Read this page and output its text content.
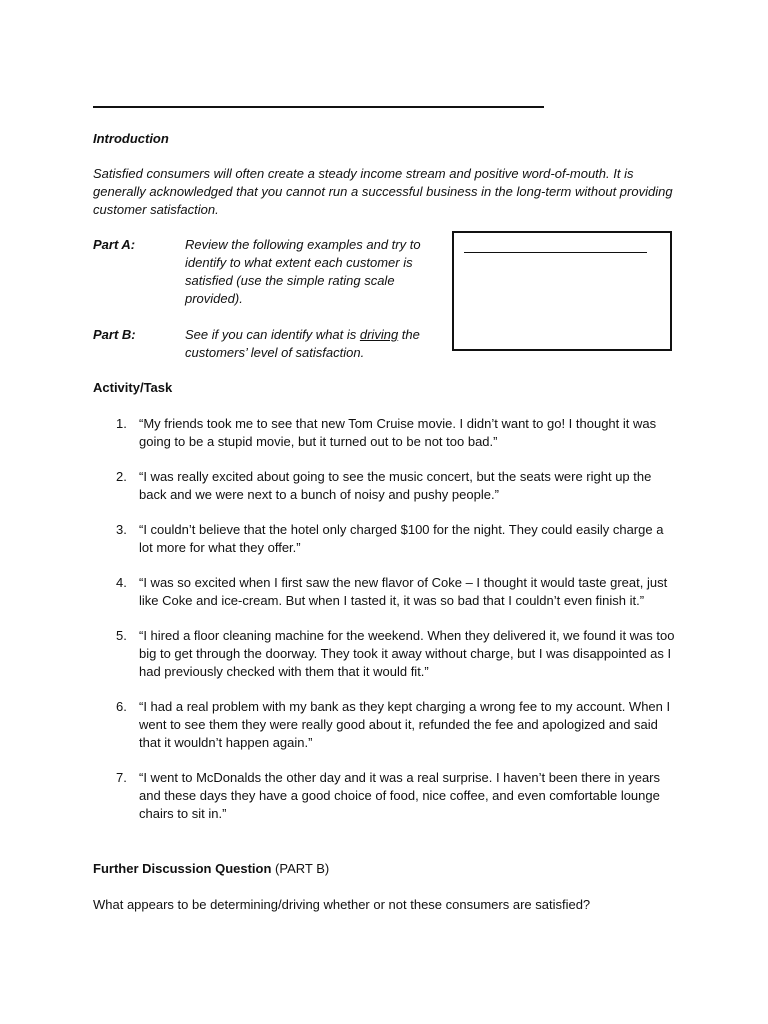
Introduction
Satisfied consumers will often create a steady income stream and positive word-of-mouth. It is generally acknowledged that you cannot run a successful business in the long-term without providing customer satisfaction.
Part A:	Review the following examples and try to identify to what extent each customer is satisfied (use the simple rating scale provided).
Part B:	See if you can identify what is driving the customers’ level of satisfaction.
Activity/Task
1. “My friends took me to see that new Tom Cruise movie. I didn’t want to go! I thought it was going to be a stupid movie, but it turned out to be not too bad.”
2. “I was really excited about going to see the music concert, but the seats were right up the back and we were next to a bunch of noisy and pushy people.”
3. “I couldn’t believe that the hotel only charged $100 for the night. They could easily charge a lot more for what they offer.”
4. “I was so excited when I first saw the new flavor of Coke – I thought it would taste great, just like Coke and ice-cream. But when I tasted it, it was so bad that I couldn’t even finish it.”
5. “I hired a floor cleaning machine for the weekend. When they delivered it, we found it was too big to get through the doorway. They took it away without charge, but I was disappointed as I had previously checked with them that it would fit.”
6. “I had a real problem with my bank as they kept charging a wrong fee to my account. When I went to see them they were really good about it, refunded the fee and apologized and said that it wouldn’t happen again.”
7. “I went to McDonalds the other day and it was a real surprise. I haven’t been there in years and these days they have a good choice of food, nice coffee, and even comfortable lounge chairs to sit in.”
Further Discussion Question (PART B)
What appears to be determining/driving whether or not these consumers are satisfied?
